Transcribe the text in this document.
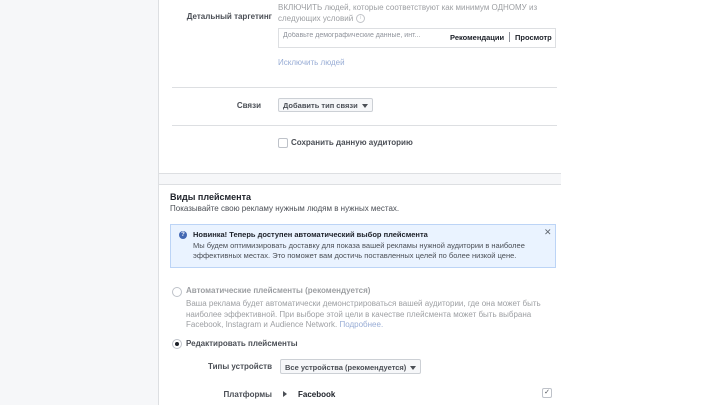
Детальный таргетинг
ВКЛЮЧИТЬ людей, которые соответствуют как минимум ОДНОМУ из
следующих условий i
Добавьте демографические данные, инт...
Рекомендации Просмотр
Исключить людей
Связи	Добавить тип связи
Сохранить данную аудиторию
Виды плейсмента
Показывайте свою рекламу нужным людям в нужных местах.
? Новинка! Теперь доступен автоматический выбор плейсмента
Мы будем оптимизировать доставку для показа вашей рекламы нужной аудитории в наиболее эффективных местах. Это поможет вам достичь поставленных целей по более низкой цене.
✕
Автоматические плейсменты (рекомендуется)
Ваша реклама будет автоматически демонстрироваться вашей аудитории, где она может быть наиболее эффективной. При выборе этой цели в качестве плейсмента может быть выбрана Facebook, Instagram и Audience Network. Подробнее.
Редактировать плейсменты
Типы устройств	Все устройства (рекомендуется)
Платформы	Facebook	✓
